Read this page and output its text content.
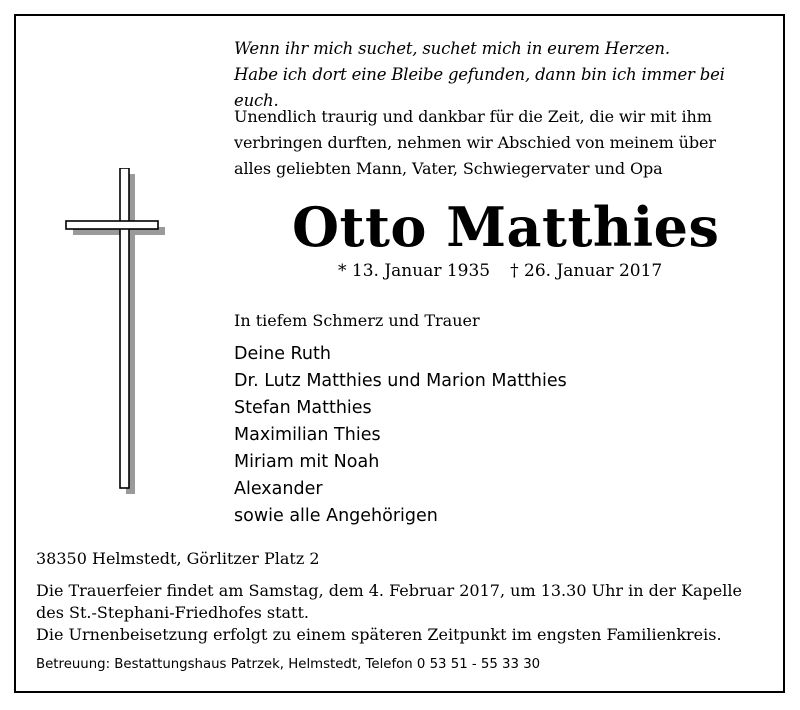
Wenn ihr mich suchet, suchet mich in eurem Herzen.
Habe ich dort eine Bleibe gefunden, dann bin ich immer bei euch.
Unendlich traurig und dankbar für die Zeit, die wir mit ihm
verbringen durften, nehmen wir Abschied von meinem über
alles geliebten Mann, Vater, Schwiegervater und Opa
Otto Matthies
* 13. Januar 1935 † 26. Januar 2017
In tiefem Schmerz und Trauer
Deine Ruth
Dr. Lutz Matthies und Marion Matthies
Stefan Matthies
Maximilian Thies
Miriam mit Noah
Alexander
sowie alle Angehörigen
38350 Helmstedt, Görlitzer Platz 2
Die Trauerfeier findet am Samstag, dem 4. Februar 2017, um 13.30 Uhr in der Kapelle
des St.-Stephani-Friedhofes statt.
Die Urnenbeisetzung erfolgt zu einem späteren Zeitpunkt im engsten Familienkreis.
Betreuung: Bestattungshaus Patrzek, Helmstedt, Telefon 0 53 51 - 55 33 30
